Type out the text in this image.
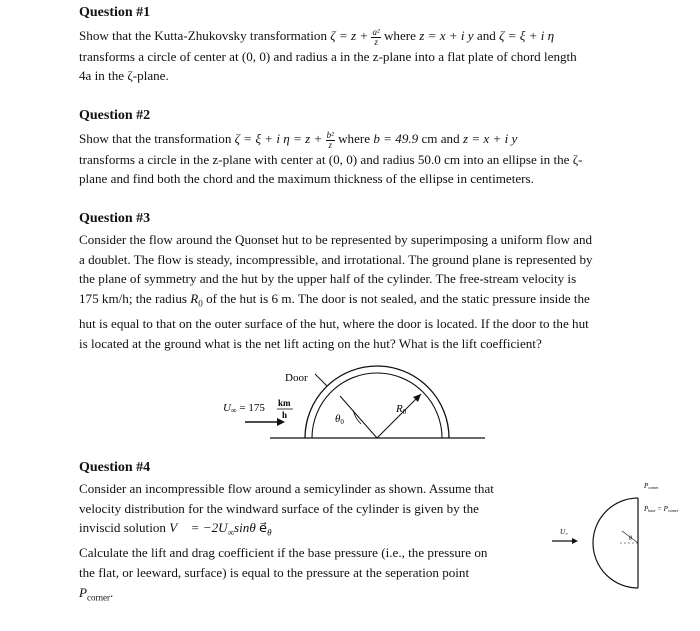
Question #1
Show that the Kutta-Zhukovsky transformation $\zeta = z + \frac{\text{a²}}{z}$ where z = x + i y and ζ = ξ + i η
transforms a circle of center at (0, 0) and radius a in the z-plane into a flat plate of chord length
4a in the ζ-plane.
Question #2
Show that the transformation ζ = ξ + i $\eta = z + \frac{\text{b²}}{z}$ where b = 49.9 cm and z = x + i y
transforms a circle in the z-plane with center at (0, 0) and radius 50.0 cm into an ellipse in the ζ-
plane and find both the chord and the maximum thickness of the ellipse in centimeters.
Question #3
Consider the flow around the Quonset hut to be represented by superimposing a uniform flow and
a doublet. The flow is steady, incompressible, and irrotational. The ground plane is represented by
the plane of symmetry and the hut by the upper half of the cylinder. The free-stream velocity is
175 km/h; the radius $R_0$ of the hut is 6 m. The door is not sealed, and the static pressure inside the
hut is equal to that on the outer surface of the hut, where the door is located. If the door to the hut
is located at the ground what is the net lift acting on the hut? What is the lift coefficient?
Door
U∞ = 175 km
h	R0
θ0
Question #4
Consider an incompressible flow around a semicylinder as shown. Assume that
velocity distribution for the windward surface of the cylinder is given by the
inviscid solution V⃗ = $-2U_\infty\sin\theta$ $e⃗_\theta$
Calculate the lift and drag coefficient if the base pressure (i.e., the pressure on
the flat, or leeward, surface) is equal to the pressure at the seperation point
$P_{corner}$.
Pcorner
Pbase = Pcorner
U∞
θ
